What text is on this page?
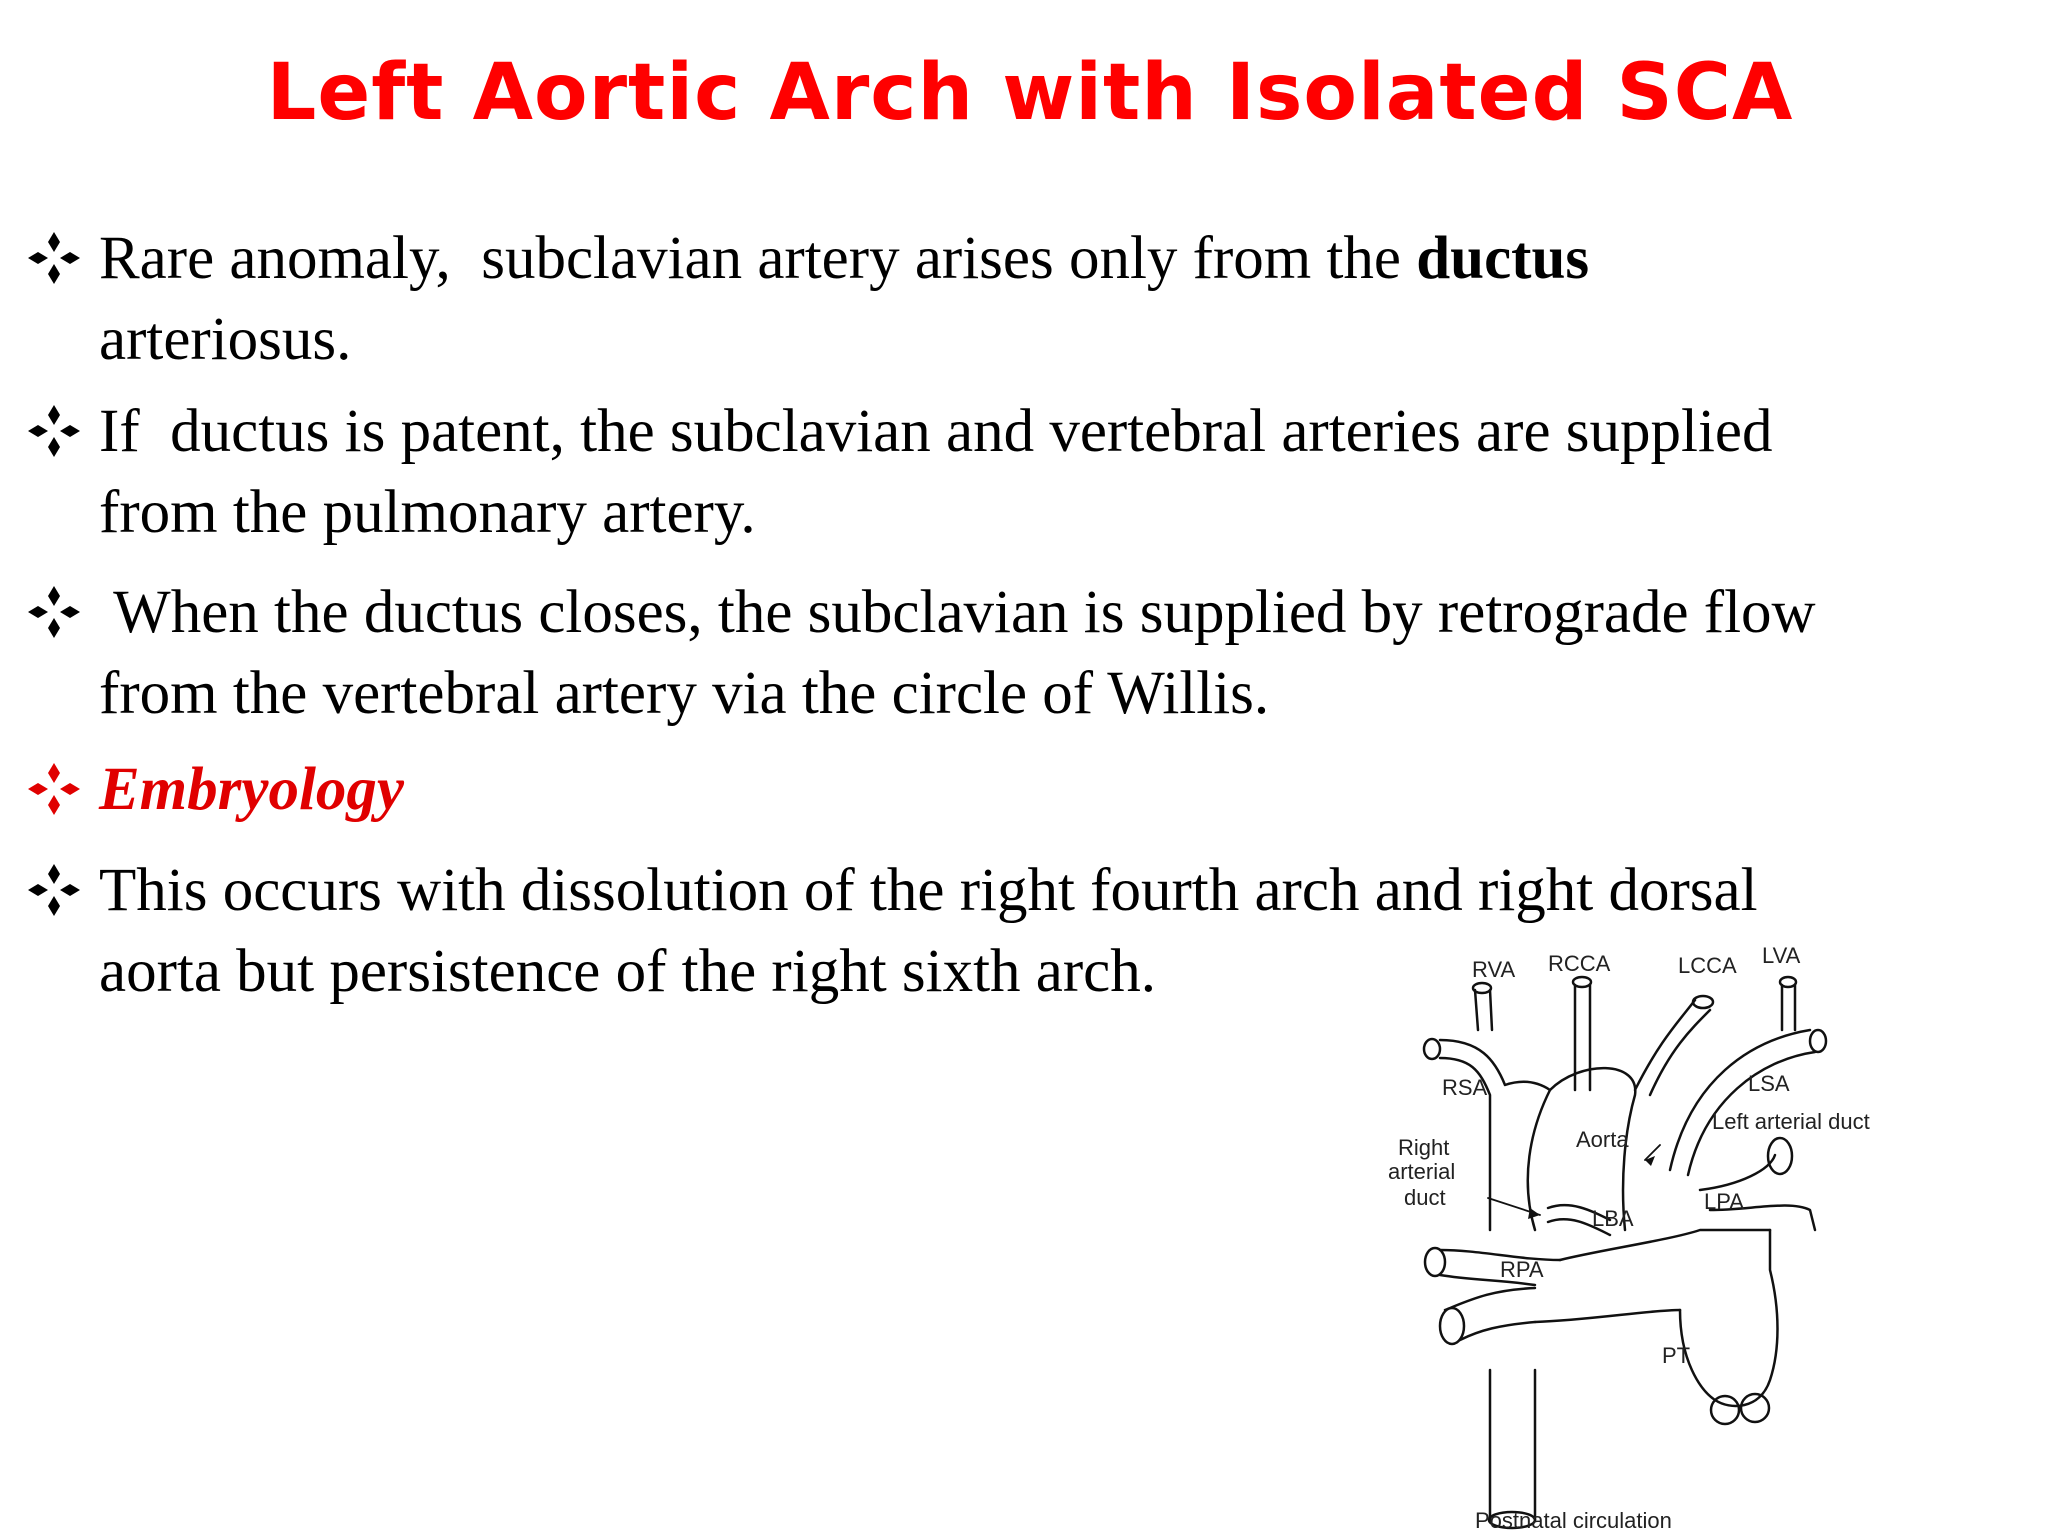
Left Aortic Arch with Isolated SCA

Rare anomaly,  subclavian artery arises only from the ductus
arteriosus.

If  ductus is patent, the subclavian and vertebral arteries are supplied
from the pulmonary artery.

When the ductus closes, the subclavian is supplied by retrograde flow
from the vertebral artery via the circle of Willis.

Embryology

This occurs with dissolution of the right fourth arch and right dorsal
aorta but persistence of the right sixth arch.	RVA RCCA	LCCA LVA
RSA	LSA
Left arterial duct
Right
arterial
duct
Aorta
LBA
LPA
RPA
PT
Postnatal circulation
